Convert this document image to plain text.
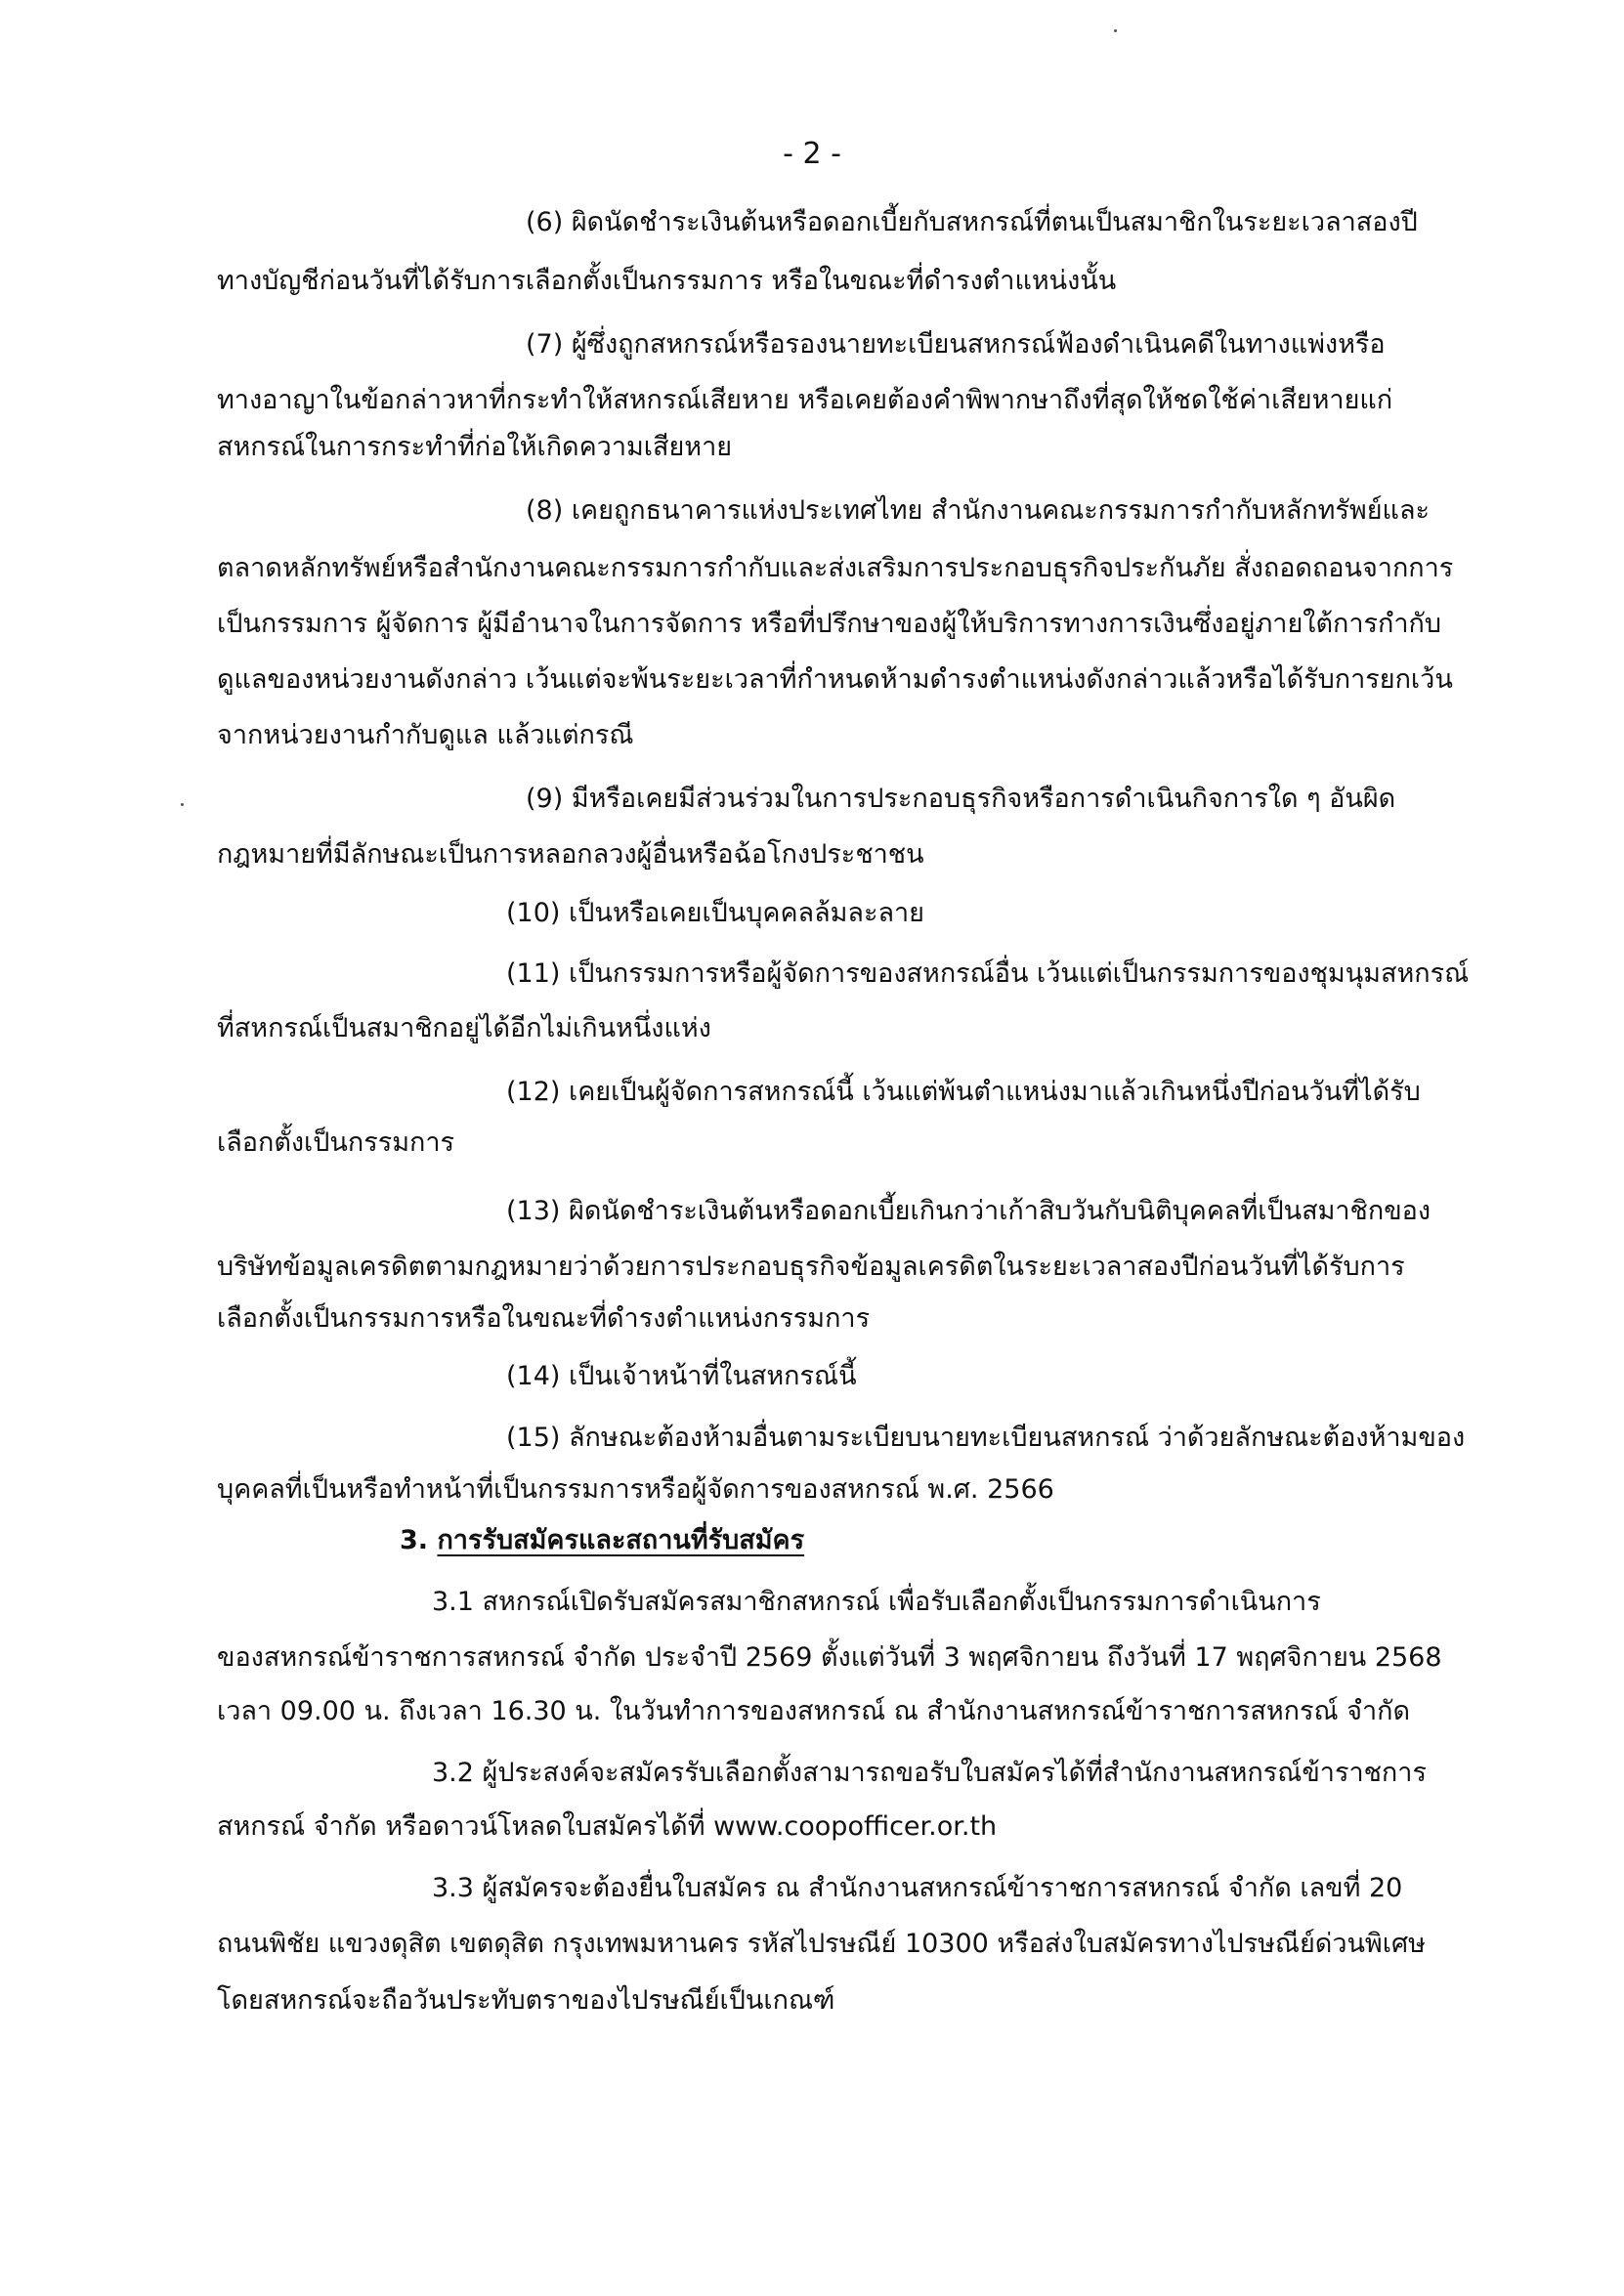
- 2 -
(6) ผิดนัดชำระเงินต้นหรือดอกเบี้ยกับสหกรณ์ที่ตนเป็นสมาชิกในระยะเวลาสองปี
ทางบัญชีก่อนวันที่ได้รับการเลือกตั้งเป็นกรรมการ หรือในขณะที่ดำรงตำแหน่งนั้น
(7) ผู้ซึ่งถูกสหกรณ์หรือรองนายทะเบียนสหกรณ์ฟ้องดำเนินคดีในทางแพ่งหรือ
ทางอาญาในข้อกล่าวหาที่กระทำให้สหกรณ์เสียหาย หรือเคยต้องคำพิพากษาถึงที่สุดให้ชดใช้ค่าเสียหายแก่
สหกรณ์ในการกระทำที่ก่อให้เกิดความเสียหาย
(8) เคยถูกธนาคารแห่งประเทศไทย สำนักงานคณะกรรมการกำกับหลักทรัพย์และ
ตลาดหลักทรัพย์หรือสำนักงานคณะกรรมการกำกับและส่งเสริมการประกอบธุรกิจประกันภัย สั่งถอดถอนจากการ
เป็นกรรมการ ผู้จัดการ ผู้มีอำนาจในการจัดการ หรือที่ปรึกษาของผู้ให้บริการทางการเงินซึ่งอยู่ภายใต้การกำกับ
ดูแลของหน่วยงานดังกล่าว เว้นแต่จะพ้นระยะเวลาที่กำหนดห้ามดำรงตำแหน่งดังกล่าวแล้วหรือได้รับการยกเว้น
จากหน่วยงานกำกับดูแล แล้วแต่กรณี
(9) มีหรือเคยมีส่วนร่วมในการประกอบธุรกิจหรือการดำเนินกิจการใด ๆ อันผิด
กฎหมายที่มีลักษณะเป็นการหลอกลวงผู้อื่นหรือฉ้อโกงประชาชน
(10) เป็นหรือเคยเป็นบุคคลล้มละลาย
(11) เป็นกรรมการหรือผู้จัดการของสหกรณ์อื่น เว้นแต่เป็นกรรมการของชุมนุมสหกรณ์
ที่สหกรณ์เป็นสมาชิกอยู่ได้อีกไม่เกินหนึ่งแห่ง
(12) เคยเป็นผู้จัดการสหกรณ์นี้ เว้นแต่พ้นตำแหน่งมาแล้วเกินหนึ่งปีก่อนวันที่ได้รับ
เลือกตั้งเป็นกรรมการ
(13) ผิดนัดชำระเงินต้นหรือดอกเบี้ยเกินกว่าเก้าสิบวันกับนิติบุคคลที่เป็นสมาชิกของ
บริษัทข้อมูลเครดิตตามกฎหมายว่าด้วยการประกอบธุรกิจข้อมูลเครดิตในระยะเวลาสองปีก่อนวันที่ได้รับการ
เลือกตั้งเป็นกรรมการหรือในขณะที่ดำรงตำแหน่งกรรมการ
(14) เป็นเจ้าหน้าที่ในสหกรณ์นี้
(15) ลักษณะต้องห้ามอื่นตามระเบียบนายทะเบียนสหกรณ์ ว่าด้วยลักษณะต้องห้ามของ
บุคคลที่เป็นหรือทำหน้าที่เป็นกรรมการหรือผู้จัดการของสหกรณ์ พ.ศ. 2566
3. การรับสมัครและสถานที่รับสมัคร
3.1 สหกรณ์เปิดรับสมัครสมาชิกสหกรณ์ เพื่อรับเลือกตั้งเป็นกรรมการดำเนินการ
ของสหกรณ์ข้าราชการสหกรณ์ จำกัด ประจำปี 2569 ตั้งแต่วันที่ 3 พฤศจิกายน ถึงวันที่ 17 พฤศจิกายน 2568
เวลา 09.00 น. ถึงเวลา 16.30 น. ในวันทำการของสหกรณ์ ณ สำนักงานสหกรณ์ข้าราชการสหกรณ์ จำกัด
3.2 ผู้ประสงค์จะสมัครรับเลือกตั้งสามารถขอรับใบสมัครได้ที่สำนักงานสหกรณ์ข้าราชการ
สหกรณ์ จำกัด หรือดาวน์โหลดใบสมัครได้ที่ www.coopofficer.or.th
3.3 ผู้สมัครจะต้องยื่นใบสมัคร ณ สำนักงานสหกรณ์ข้าราชการสหกรณ์ จำกัด เลขที่ 20
ถนนพิชัย แขวงดุสิต เขตดุสิต กรุงเทพมหานคร รหัสไปรษณีย์ 10300 หรือส่งใบสมัครทางไปรษณีย์ด่วนพิเศษ
โดยสหกรณ์จะถือวันประทับตราของไปรษณีย์เป็นเกณฑ์
